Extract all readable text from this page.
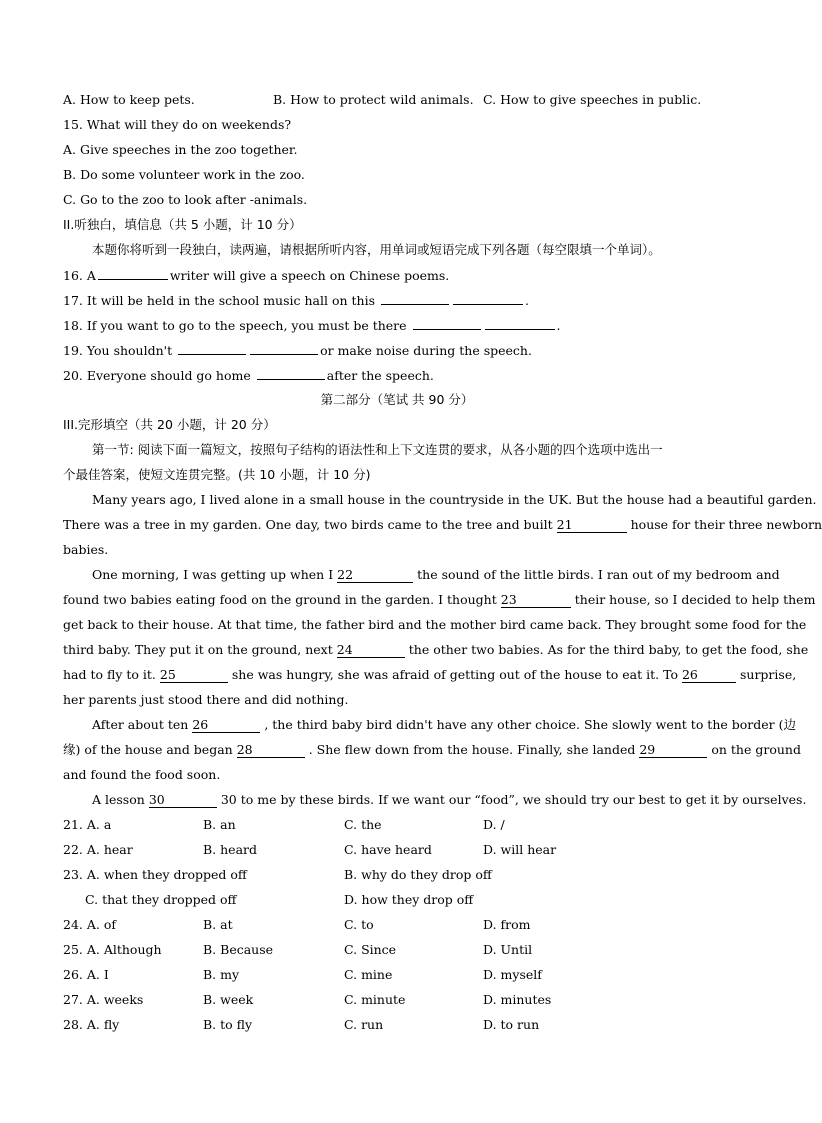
A. How to keep pets.	B. How to protect wild animals. C. How to give speeches in public.
15. What will they do on weekends?
A. Give speeches in the zoo together.
B. Do some volunteer work in the zoo.
C. Go to the zoo to look after -animals.
II.听独白，填信息（共 5 小题，计 10 分）
本题你将听到一段独白，读两遍，请根据所听内容，用单词或短语完成下列各题（每空限填一个单词）。
16. A	writer will give a speech on Chinese poems.
17. It will be held in the school music hall on this	.
18. If you want to go to the speech, you must be there	.
19. You shouldn't	or make noise during the speech.
20. Everyone should go home	after the speech.
第二部分（笔试 共 90 分）
III.完形填空（共 20 小题，计 20 分）
第一节: 阅读下面一篇短文，按照句子结构的语法性和上下文连贯的要求，从各小题的四个选项中选出一
个最佳答案，使短文连贯完整。(共 10 小题，计 10 分)
Many years ago, I lived alone in a small house in the countryside in the UK. But the house had a beautiful garden.
There was a tree in my garden. One day, two birds came to the tree and built 21	house for their three newborn
babies.
One morning, I was getting up when I 22	the sound of the little birds. I ran out of my bedroom and
found two babies eating food on the ground in the garden. I thought 23	their house, so I decided to help them
get back to their house. At that time, the father bird and the mother bird came back. They brought some food for the
third baby. They put it on the ground, next 24	the other two babies. As for the third baby, to get the food, she
had to fly to it. 25	she was hungry, she was afraid of getting out of the house to eat it. To 26	surprise,
her parents just stood there and did nothing.
After about ten 26	, the third baby bird didn't have any other choice. She slowly went to the border (边
缘) of the house and began 28	. She flew down from the house. Finally, she landed 29	on the ground
and found the food soon.
A lesson 30	30 to me by these birds. If we want our “food”, we should try our best to get it by ourselves.
21. A. a	B. an	C. the	D. /
22. A. hear	B. heard	C. have heard	D. will hear
23. A. when they dropped off	B. why do they drop off
C. that they dropped off	D. how they drop off
24. A. of	B. at	C. to	D. from
25. A. Although	B. Because	C. Since	D. Until
26. A. I	B. my	C. mine	D. myself
27. A. weeks	B. week	C. minute	D. minutes
28. A. fly	B. to fly	C. run	D. to run
